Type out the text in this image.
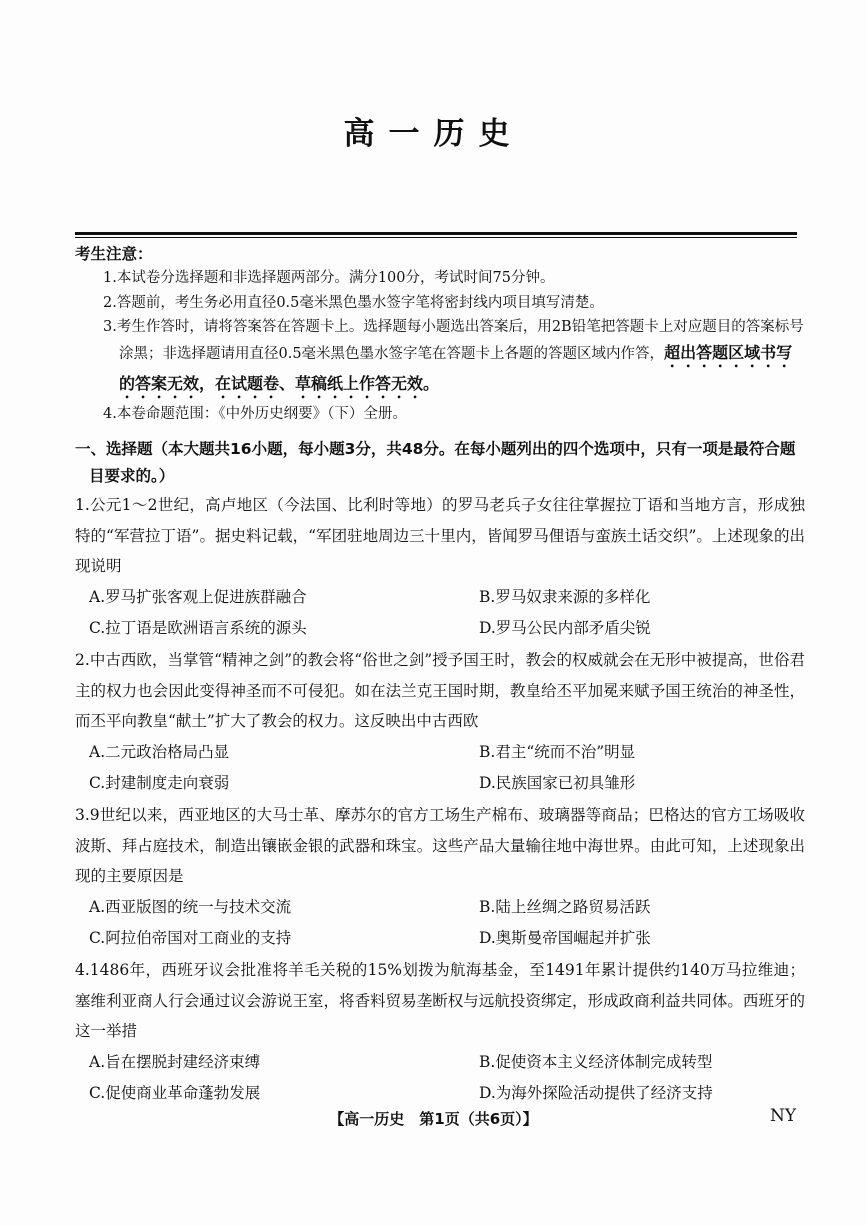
高一历史
考生注意：
1.本试卷分选择题和非选择题两部分。满分100分，考试时间75分钟。
2.答题前，考生务必用直径0.5毫米黑色墨水签字笔将密封线内项目填写清楚。
3.考生作答时，请将答案答在答题卡上。选择题每小题选出答案后，用2B铅笔把答题卡上对应题目的答案标号涂黑；非选择题请用直径0.5毫米黑色墨水签字笔在答题卡上各题的答题区域内作答，超出答题区域书写的答案无效，在试题卷、草稿纸上作答无效。
4.本卷命题范围：《中外历史纲要》（下）全册。
一、选择题（本大题共16小题，每小题3分，共48分。在每小题列出的四个选项中，只有一项是最符合题
目要求的。）
1.公元1～2世纪，高卢地区（今法国、比利时等地）的罗马老兵子女往往掌握拉丁语和当地方言，形成独特的“军营拉丁语”。据史料记载，“军团驻地周边三十里内，皆闻罗马俚语与蛮族土话交织”。上述现象的出现说明
A.罗马扩张客观上促进族群融合	B.罗马奴隶来源的多样化
C.拉丁语是欧洲语言系统的源头	D.罗马公民内部矛盾尖锐
2.中古西欧，当掌管“精神之剑”的教会将“俗世之剑”授予国王时，教会的权威就会在无形中被提高，世俗君主的权力也会因此变得神圣而不可侵犯。如在法兰克王国时期，教皇给丕平加冕来赋予国王统治的神圣性，而丕平向教皇“献土”扩大了教会的权力。这反映出中古西欧
A.二元政治格局凸显	B.君主“统而不治”明显
C.封建制度走向衰弱	D.民族国家已初具雏形
3.9世纪以来，西亚地区的大马士革、摩苏尔的官方工场生产棉布、玻璃器等商品；巴格达的官方工场吸收波斯、拜占庭技术，制造出镶嵌金银的武器和珠宝。这些产品大量输往地中海世界。由此可知，上述现象出现的主要原因是
A.西亚版图的统一与技术交流	B.陆上丝绸之路贸易活跃
C.阿拉伯帝国对工商业的支持	D.奥斯曼帝国崛起并扩张
4.1486年，西班牙议会批准将羊毛关税的15%划拨为航海基金，至1491年累计提供约140万马拉维迪；塞维利亚商人行会通过议会游说王室，将香料贸易垄断权与远航投资绑定，形成政商利益共同体。西班牙的这一举措
A.旨在摆脱封建经济束缚	B.促使资本主义经济体制完成转型
C.促使商业革命蓬勃发展	D.为海外探险活动提供了经济支持
【高一历史　第1页（共6页）】	NY
